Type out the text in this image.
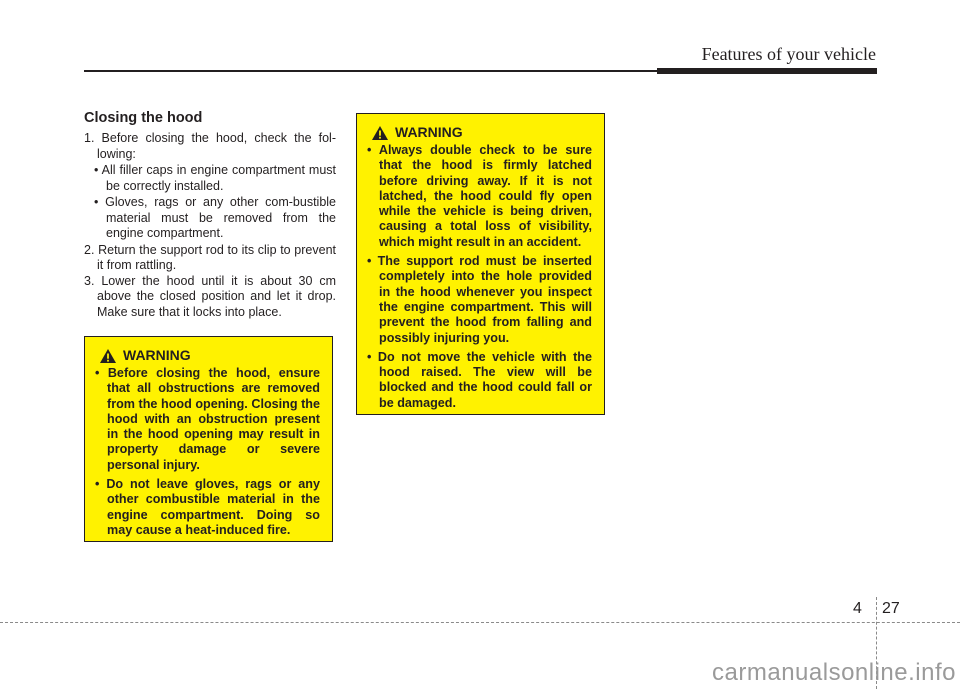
Features of your vehicle
Closing the hood
1. Before closing the hood, check the fol-lowing:
• All filler caps in engine compartment must be correctly installed.
• Gloves, rags or any other com-bustible material must be removed from the engine compartment.
2. Return the support rod to its clip to prevent it from rattling.
3. Lower the hood until it is about 30 cm above the closed position and let it drop. Make sure that it locks into place.
WARNING
• Before closing the hood, ensure that all obstructions are removed from the hood opening. Closing the hood with an obstruction present in the hood opening may result in property damage or severe personal injury.
• Do not leave gloves, rags or any other combustible material in the engine compartment. Doing so may cause a heat-induced fire.
WARNING
• Always double check to be sure that the hood is firmly latched before driving away. If it is not latched, the hood could fly open while the vehicle is being driven, causing a total loss of visibility, which might result in an accident.
• The support rod must be inserted completely into the hole provided in the hood whenever you inspect the engine compartment. This will prevent the hood from falling and possibly injuring you.
• Do not move the vehicle with the hood raised. The view will be blocked and the hood could fall or be damaged.
4 27
carmanualsonline.info
